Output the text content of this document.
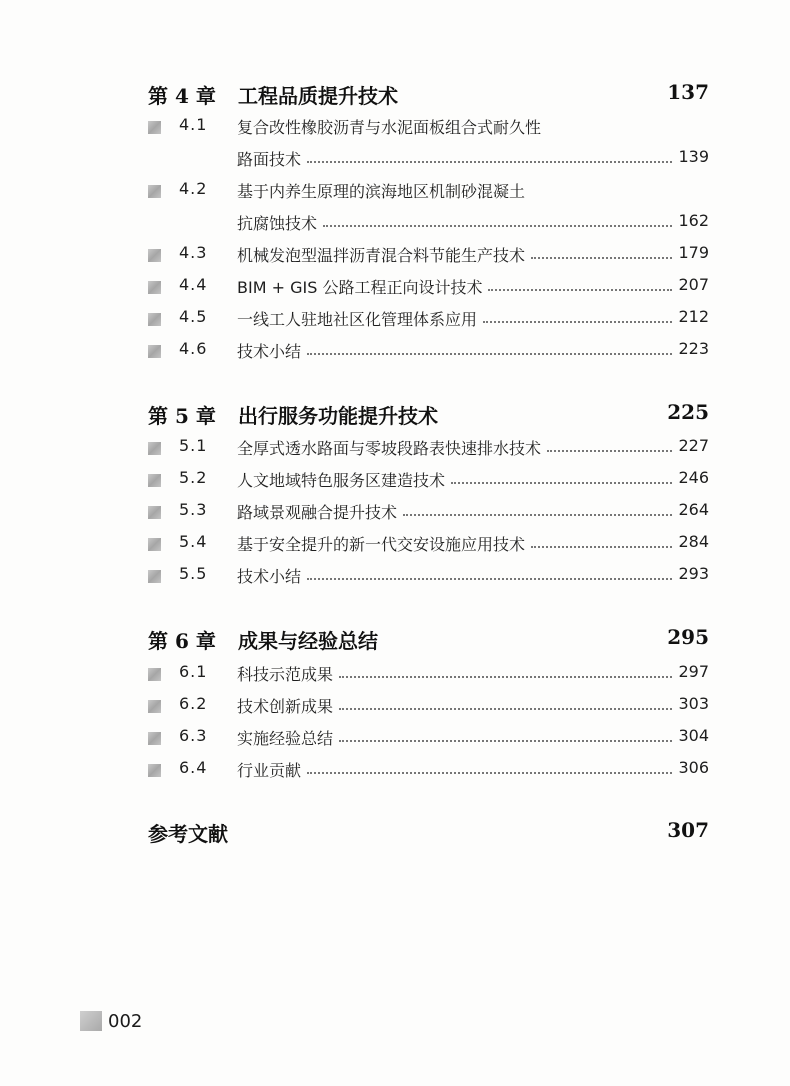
第 4 章 工程品质提升技术	137
4.1 复合改性橡胶沥青与水泥面板组合式耐久性
路面技术	139
4.2 基于内养生原理的滨海地区机制砂混凝土
抗腐蚀技术	162
4.3 机械发泡型温拌沥青混合料节能生产技术	179
4.4 BIM + GIS 公路工程正向设计技术	207
4.5 一线工人驻地社区化管理体系应用	212
4.6 技术小结	223
第 5 章 出行服务功能提升技术	225
5.1 全厚式透水路面与零坡段路表快速排水技术	227
5.2 人文地域特色服务区建造技术	246
5.3 路域景观融合提升技术	264
5.4 基于安全提升的新一代交安设施应用技术	284
5.5 技术小结	293
第 6 章 成果与经验总结	295
6.1 科技示范成果	297
6.2 技术创新成果	303
6.3 实施经验总结	304
6.4 行业贡献	306
参考文献	307
002
